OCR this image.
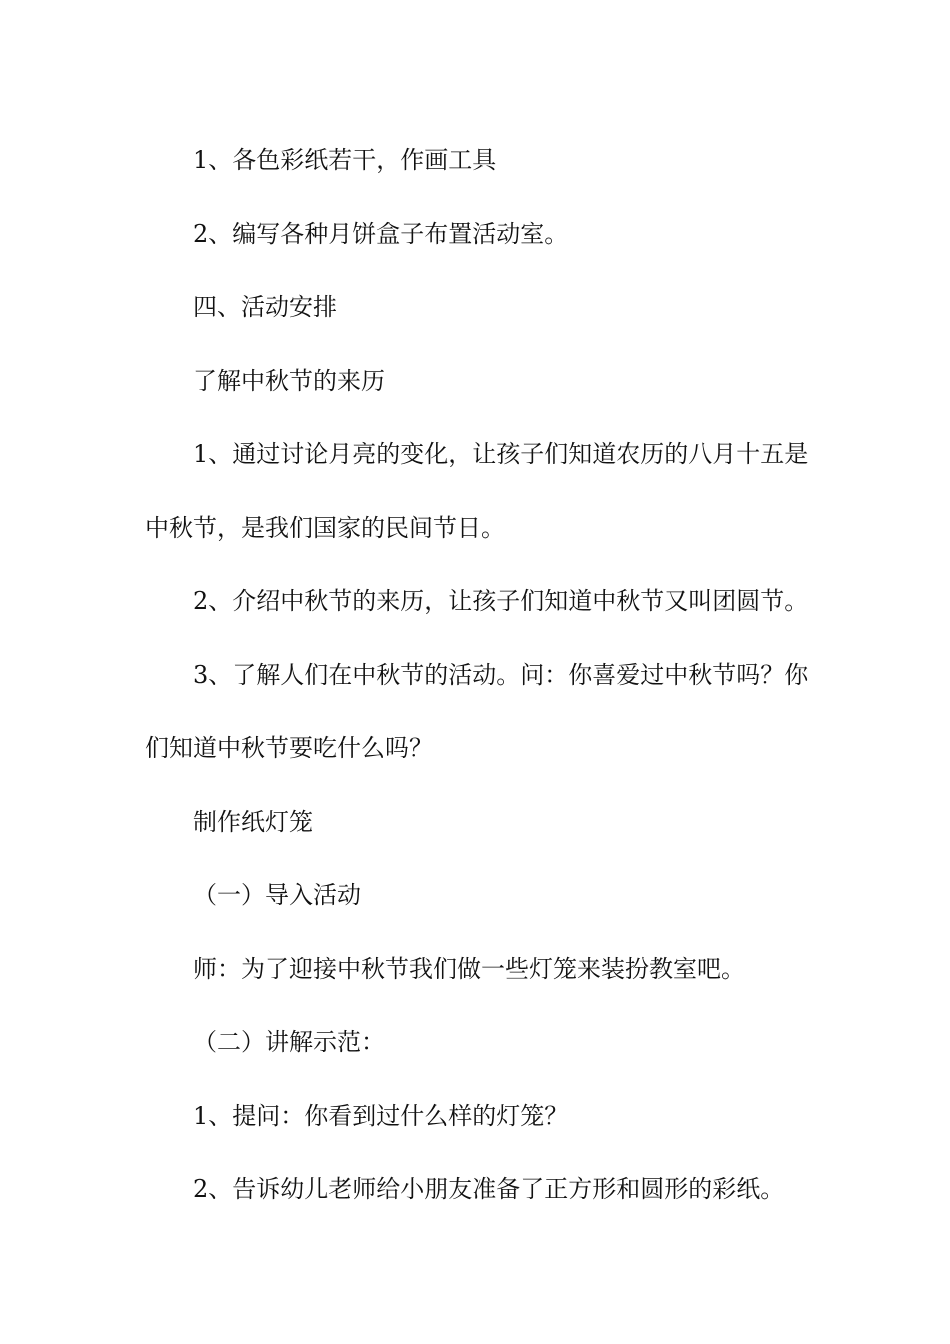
1、各色彩纸若干，作画工具

2、编写各种月饼盒子布置活动室。

四、活动安排

了解中秋节的来历

1、通过讨论月亮的变化，让孩子们知道农历的八月十五是中秋节，是我们国家的民间节日。

2、介绍中秋节的来历，让孩子们知道中秋节又叫团圆节。

3、了解人们在中秋节的活动。问：你喜爱过中秋节吗？你们知道中秋节要吃什么吗？

制作纸灯笼

（一）导入活动

师：为了迎接中秋节我们做一些灯笼来装扮教室吧。

（二）讲解示范：

1、提问：你看到过什么样的灯笼？

2、告诉幼儿老师给小朋友准备了正方形和圆形的彩纸。
